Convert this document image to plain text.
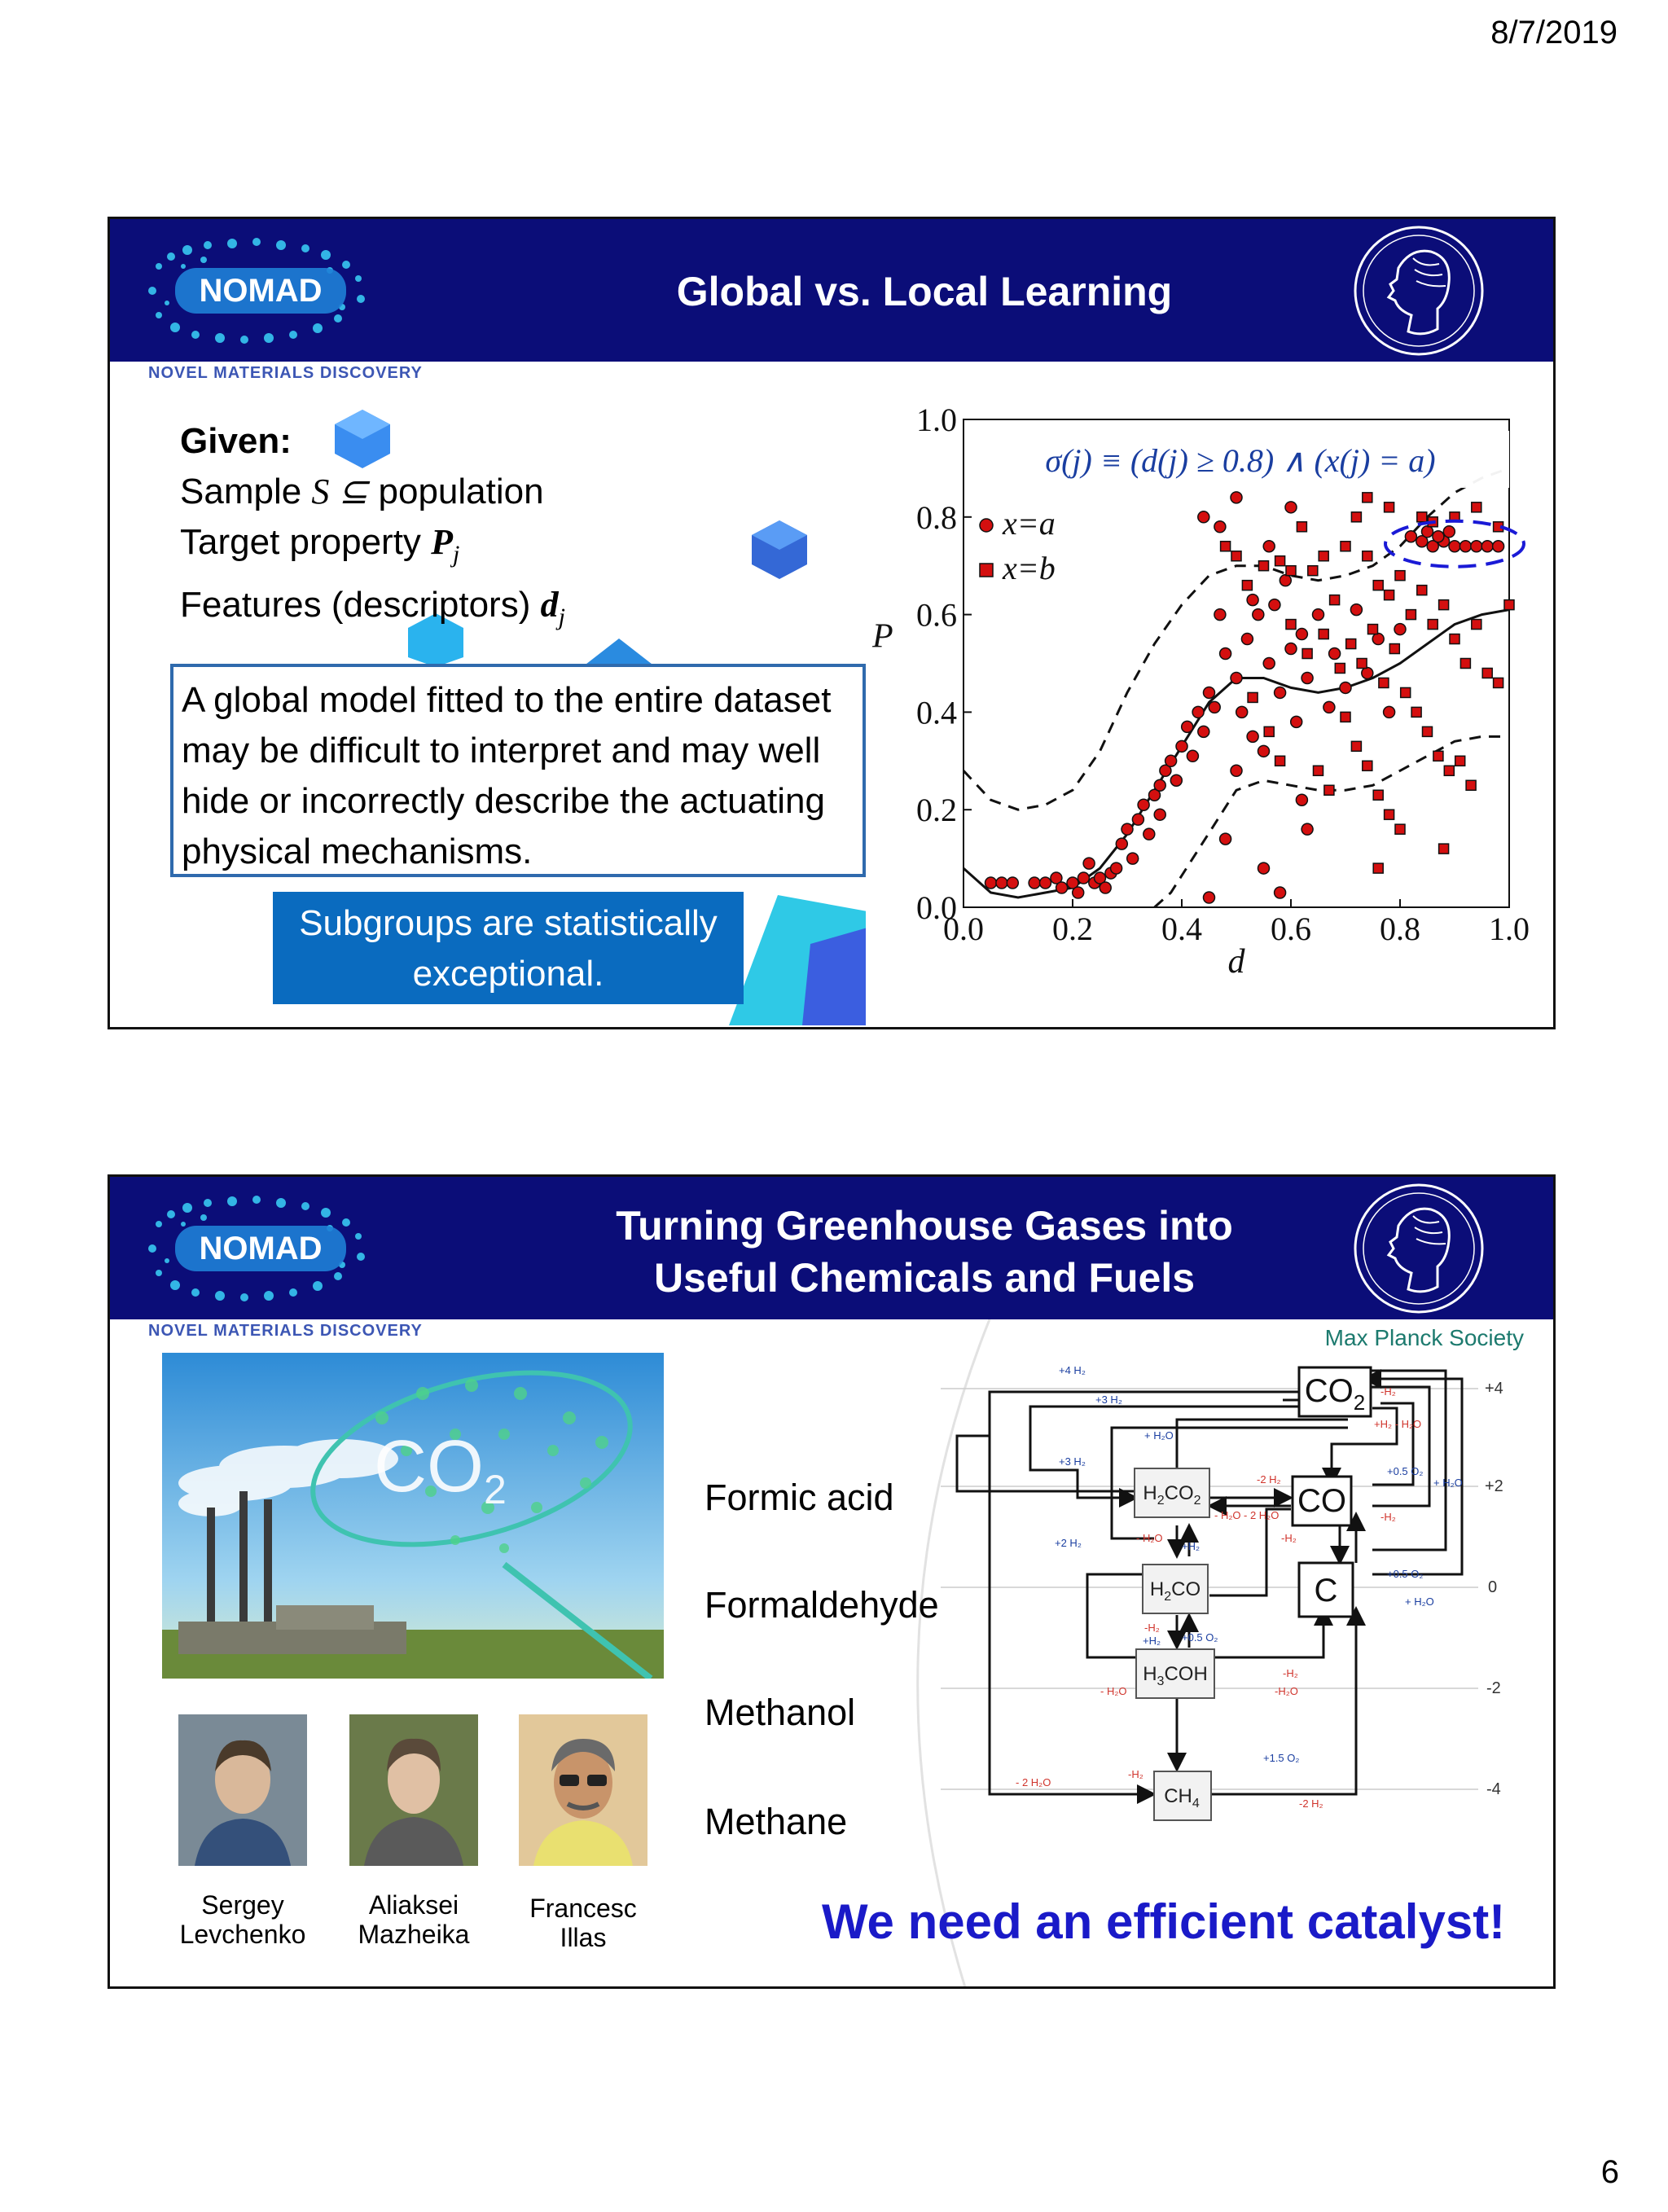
8/7/2019
NOMAD
NOVEL MATERIALS DISCOVERY
Global vs. Local Learning
Given:
Sample S ⊆ population
Target property $P_j$
Features (descriptors) $d_j$
A global model fitted to the entire dataset may be difficult to interpret and may well hide or incorrectly describe the actuating physical mechanisms.
Subgroups are statistically exceptional.
0.0 0.2 0.4 0.6 0.8 1.0
0.0
0.2
0.4
0.6
0.8
1.0
d
P
σ(j) ≡ (d(j) ≥ 0.8) ∧ (x(j) = a)
x=a
x=b
NOMAD
NOVEL MATERIALS DISCOVERY
Turning Greenhouse Gases into
Useful Chemicals and Fuels
Max Planck Society
CO 2
Sergey
Levchenko
Aliaksei
Mazheika
Francesc
Illas
Formic acid
Formaldehyde
Methanol
Methane
+4
+2
0
-2
-4
+4 H₂
+3 H₂
+3 H₂
+ H₂O
+2 H₂	+H₂
+0.5 O₂
+1.5 O₂
+0.5 O₂
+ H₂O
+0.5 O₂
+ H₂O
+H₂
- H₂O
-H₂
-2 H₂
- H₂O - 2 H₂O
-H₂
-H₂
+H₂ - H₂O
-H₂
-H₂
-H₂O
- H₂O
- 2 H₂O
-2 H₂
-H₂
$H_2CO_2$
$H_2CO$
$H_3COH$
$CH_4$
$CO_2$
CO
C
We need an efficient catalyst!
6
